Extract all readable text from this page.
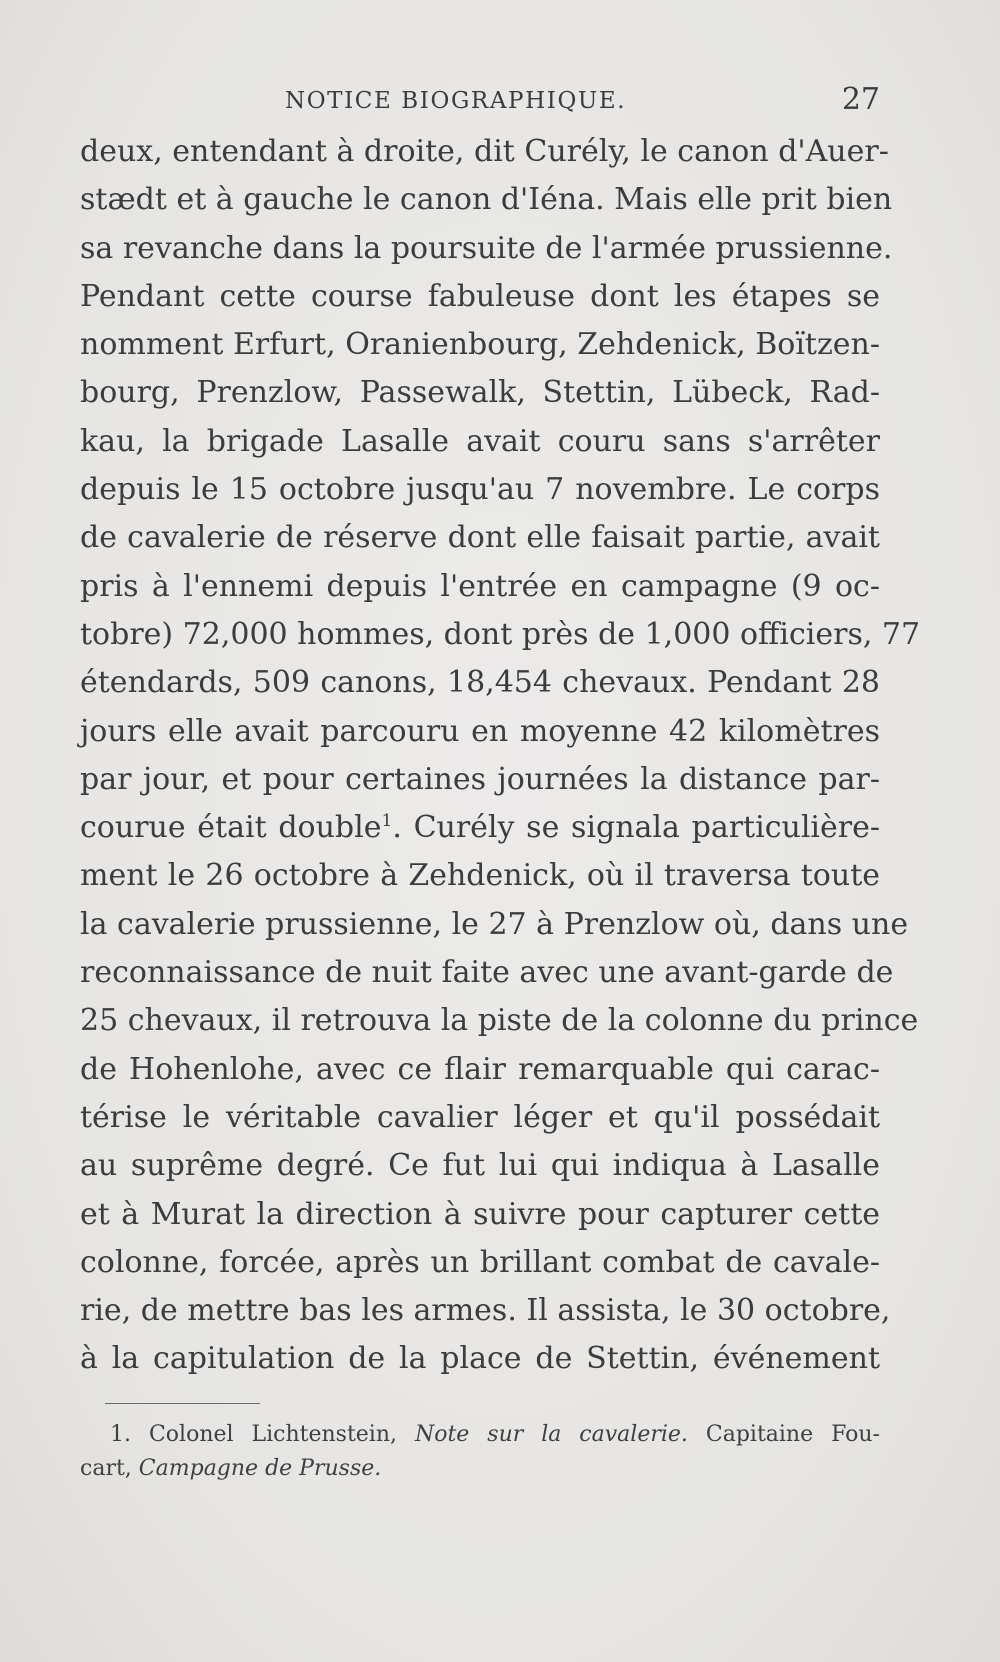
NOTICE BIOGRAPHIQUE.	27
deux, entendant à droite, dit Curély, le canon d'Auer-
stædt et à gauche le canon d'Iéna. Mais elle prit bien
sa revanche dans la poursuite de l'armée prussienne.
Pendant cette course fabuleuse dont les étapes se
nomment Erfurt, Oranienbourg, Zehdenick, Boïtzen-
bourg, Prenzlow, Passewalk, Stettin, Lübeck, Rad-
kau, la brigade Lasalle avait couru sans s'arrêter
depuis le 15 octobre jusqu'au 7 novembre. Le corps
de cavalerie de réserve dont elle faisait partie, avait
pris à l'ennemi depuis l'entrée en campagne (9 oc-
tobre) 72,000 hommes, dont près de 1,000 officiers, 77
étendards, 509 canons, 18,454 chevaux. Pendant 28
jours elle avait parcouru en moyenne 42 kilomètres
par jour, et pour certaines journées la distance par-
courue était double$^1$. Curély se signala particulière-
ment le 26 octobre à Zehdenick, où il traversa toute
la cavalerie prussienne, le 27 à Prenzlow où, dans une
reconnaissance de nuit faite avec une avant-garde de
25 chevaux, il retrouva la piste de la colonne du prince
de Hohenlohe, avec ce flair remarquable qui carac-
térise le véritable cavalier léger et qu'il possédait
au suprême degré. Ce fut lui qui indiqua à Lasalle
et à Murat la direction à suivre pour capturer cette
colonne, forcée, après un brillant combat de cavale-
rie, de mettre bas les armes. Il assista, le 30 octobre,
à la capitulation de la place de Stettin, événement
1. Colonel Lichtenstein, Note sur la cavalerie. Capitaine Fou-
cart, Campagne de Prusse.
